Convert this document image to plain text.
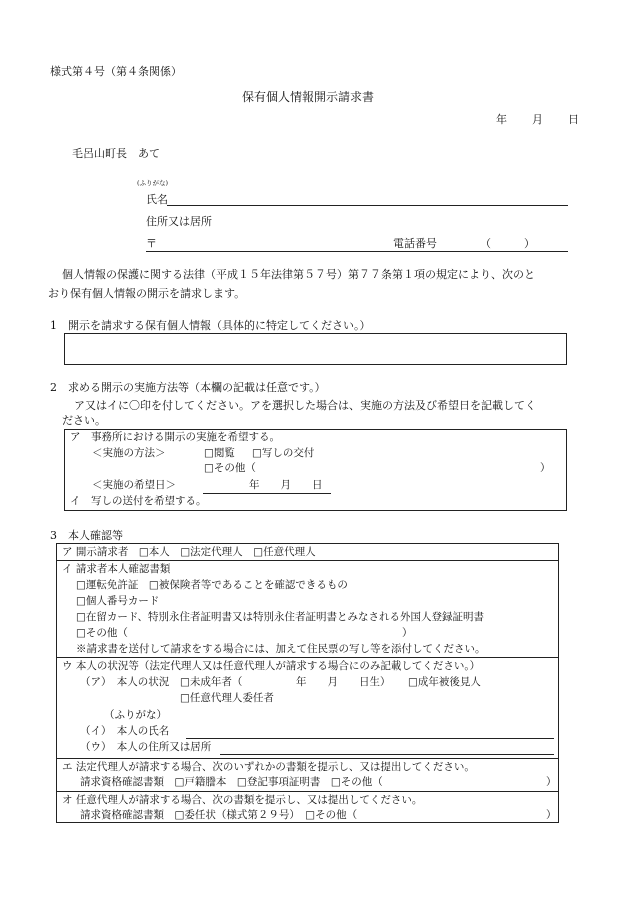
様式第４号（第４条関係）
保有個人情報開示請求書
年 月 日
毛呂山町長　あて
(ふりがな)
氏名
住所又は居所
〒	電話番号	（　　　）
個人情報の保護に関する法律（平成１５年法律第５７号）第７７条第１項の規定により、次のと
おり保有個人情報の開示を請求します。
1　開示を請求する保有個人情報（具体的に特定してください。）
2　求める開示の実施方法等（本欄の記載は任意です。）
ア又はイに〇印を付してください。アを選択した場合は、実施の方法及び希望日を記載してく
ださい。
ア　事務所における開示の実施を希望する。
＜実施の方法＞	□閲覧 □写しの交付
□その他（	）
＜実施の希望日＞	年　　月　　日
イ　写しの送付を希望する。
3　本人確認等
ア 開示請求者　□本人　□法定代理人　□任意代理人
イ 請求者本人確認書類
□運転免許証　□被保険者等であることを確認できるもの
□個人番号カード
□在留カード、特別永住者証明書又は特別永住者証明書とみなされる外国人登録証明書
□その他（	）
※請求書を送付して請求をする場合には、加えて住民票の写し等を添付してください。
ウ 本人の状況等（法定代理人又は任意代理人が請求する場合にのみ記載してください。）
（ア）　本人の状況 □未成年者（	年　　月　　日生） □成年被後見人
□任意代理人委任者
（ふりがな）
（イ）　本人の氏名
（ウ）　本人の住所又は居所
エ 法定代理人が請求する場合、次のいずれかの書類を提示し、又は提出してください。
請求資格確認書類　□戸籍謄本　□登記事項証明書　□その他（	）
オ 任意代理人が請求する場合、次の書類を提示し、又は提出してください。
請求資格確認書類　□委任状（様式第２９号）　□その他（	）
